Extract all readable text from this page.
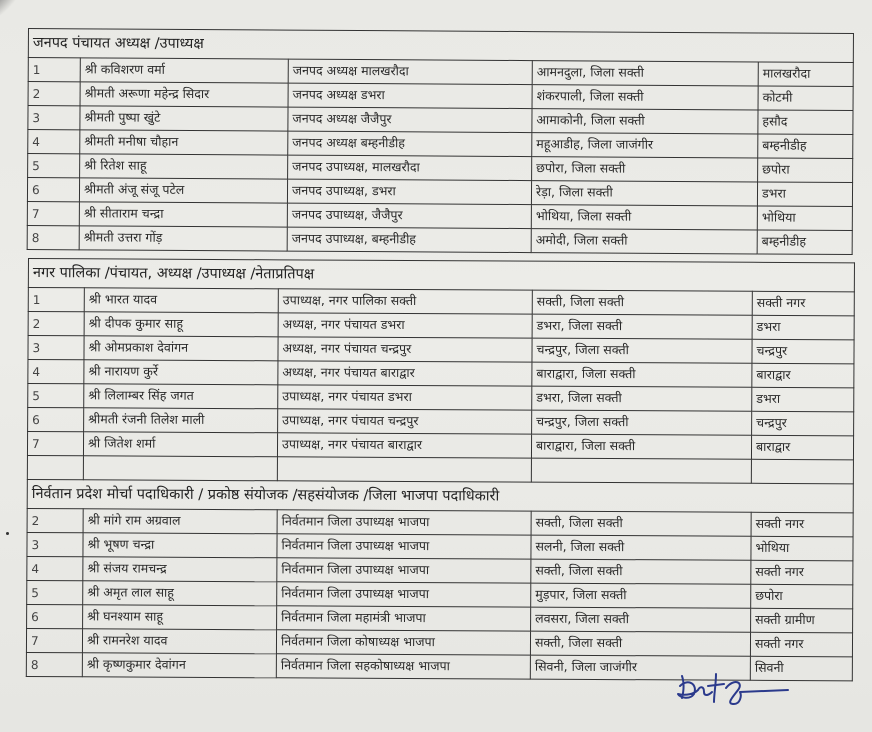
जनपद पंचायत अध्यक्ष /उपाध्यक्ष				
1	श्री कविशरण वर्मा	जनपद अध्यक्ष मालखरौदा	आमनदुला, जिला सक्ती	मालखरौदा
2	श्रीमती अरूणा महेन्द्र सिदार	जनपद अध्यक्ष डभरा	शंकरपाली, जिला सक्ती	कोटमी
3	श्रीमती पुष्पा खुंटे	जनपद अध्यक्ष जैजैपुर	आमाकोनी, जिला सक्ती	हसौद
4	श्रीमती मनीषा चौहान	जनपद अध्यक्ष बम्हनीडीह	महूआडीह, जिला जाजंगीर	बम्हनीडीह
5	श्री रितेश साहू	जनपद उपाध्यक्ष, मालखरौदा	छपोरा, जिला सक्ती	छपोरा
6	श्रीमती अंजू संजू पटेल	जनपद उपाध्यक्ष, डभरा	रेड़ा, जिला सक्ती	डभरा
7	श्री सीताराम चन्द्रा	जनपद उपाध्यक्ष, जैजैपुर	भोथिया, जिला सक्ती	भोथिया
8	श्रीमती उत्तरा गोंड़	जनपद उपाध्यक्ष, बम्हनीडीह	अमोदी, जिला सक्ती	बम्हनीडीह
नगर पालिका /पंचायत, अध्यक्ष /उपाध्यक्ष /नेताप्रतिपक्ष				
1	श्री भारत यादव	उपाध्यक्ष, नगर पालिका सक्ती	सक्ती, जिला सक्ती	सक्ती नगर
2	श्री दीपक कुमार साहू	अध्यक्ष, नगर पंचायत डभरा	डभरा, जिला सक्ती	डभरा
3	श्री ओमप्रकाश देवांगन	अध्यक्ष, नगर पंचायत चन्द्रपुर	चन्द्रपुर, जिला सक्ती	चन्द्रपुर
4	श्री नारायण कुर्रे	अध्यक्ष, नगर पंचायत बाराद्वार	बाराद्वारा, जिला सक्ती	बाराद्वार
5	श्री लिलाम्बर सिंह जगत	उपाध्यक्ष, नगर पंचायत डभरा	डभरा, जिला सक्ती	डभरा
6	श्रीमती रंजनी तिलेश माली	उपाध्यक्ष, नगर पंचायत चन्द्रपुर	चन्द्रपुर, जिला सक्ती	चन्द्रपुर
7	श्री जितेश शर्मा	उपाध्यक्ष, नगर पंचायत बाराद्वार	बाराद्वारा, जिला सक्ती	बाराद्वार

निर्वतान प्रदेश मोर्चा पदाधिकारी / प्रकोष्ठ संयोजक /सहसंयोजक /जिला भाजपा पदाधिकारी				
2	श्री मांगे राम अग्रवाल	निर्वतमान जिला उपाध्यक्ष भाजपा	सक्ती, जिला सक्ती	सक्ती नगर
3	श्री भूषण चन्द्रा	निर्वतमान जिला उपाध्यक्ष भाजपा	सलनी, जिला सक्ती	भोथिया
4	श्री संजय रामचन्द्र	निर्वतमान जिला उपाध्यक्ष भाजपा	सक्ती, जिला सक्ती	सक्ती नगर
5	श्री अमृत लाल साहू	निर्वतमान जिला उपाध्यक्ष भाजपा	मुड़पार, जिला सक्ती	छपोरा
6	श्री घनश्याम साहू	निर्वतमान जिला महामंत्री भाजपा	लवसरा, जिला सक्ती	सक्ती ग्रामीण
7	श्री रामनरेश यादव	निर्वतमान जिला कोषाध्यक्ष भाजपा	सक्ती, जिला सक्ती	सक्ती नगर
8	श्री कृष्णकुमार देवांगन	निर्वतमान जिला सहकोषाध्यक्ष भाजपा	सिवनी, जिला जाजंगीर	सिवनी
